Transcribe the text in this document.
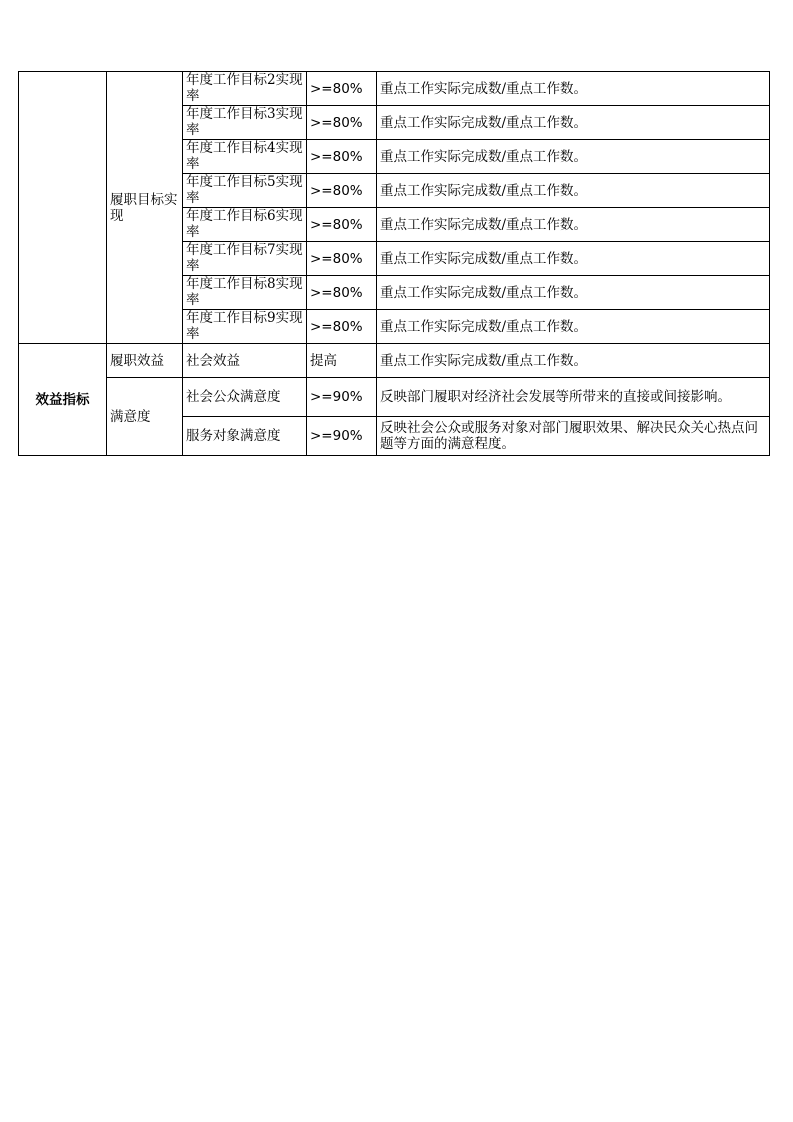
	履职目标实现	年度工作目标2实现率	>=80%	重点工作实际完成数/重点工作数。

		年度工作目标3实现率	>=80%	重点工作实际完成数/重点工作数。

		年度工作目标4实现率	>=80%	重点工作实际完成数/重点工作数。

		年度工作目标5实现率	>=80%	重点工作实际完成数/重点工作数。

		年度工作目标6实现率	>=80%	重点工作实际完成数/重点工作数。

		年度工作目标7实现率	>=80%	重点工作实际完成数/重点工作数。

		年度工作目标8实现率	>=80%	重点工作实际完成数/重点工作数。

		年度工作目标9实现率	>=80%	重点工作实际完成数/重点工作数。
效益指标	履职效益	社会效益	提高	重点工作实际完成数/重点工作数。
	满意度	社会公众满意度	>=90%	反映部门履职对经济社会发展等所带来的直接或间接影响。
		服务对象满意度	>=90%	反映社会公众或服务对象对部门履职效果、解决民众关心热点问题等方面的满意程度。
